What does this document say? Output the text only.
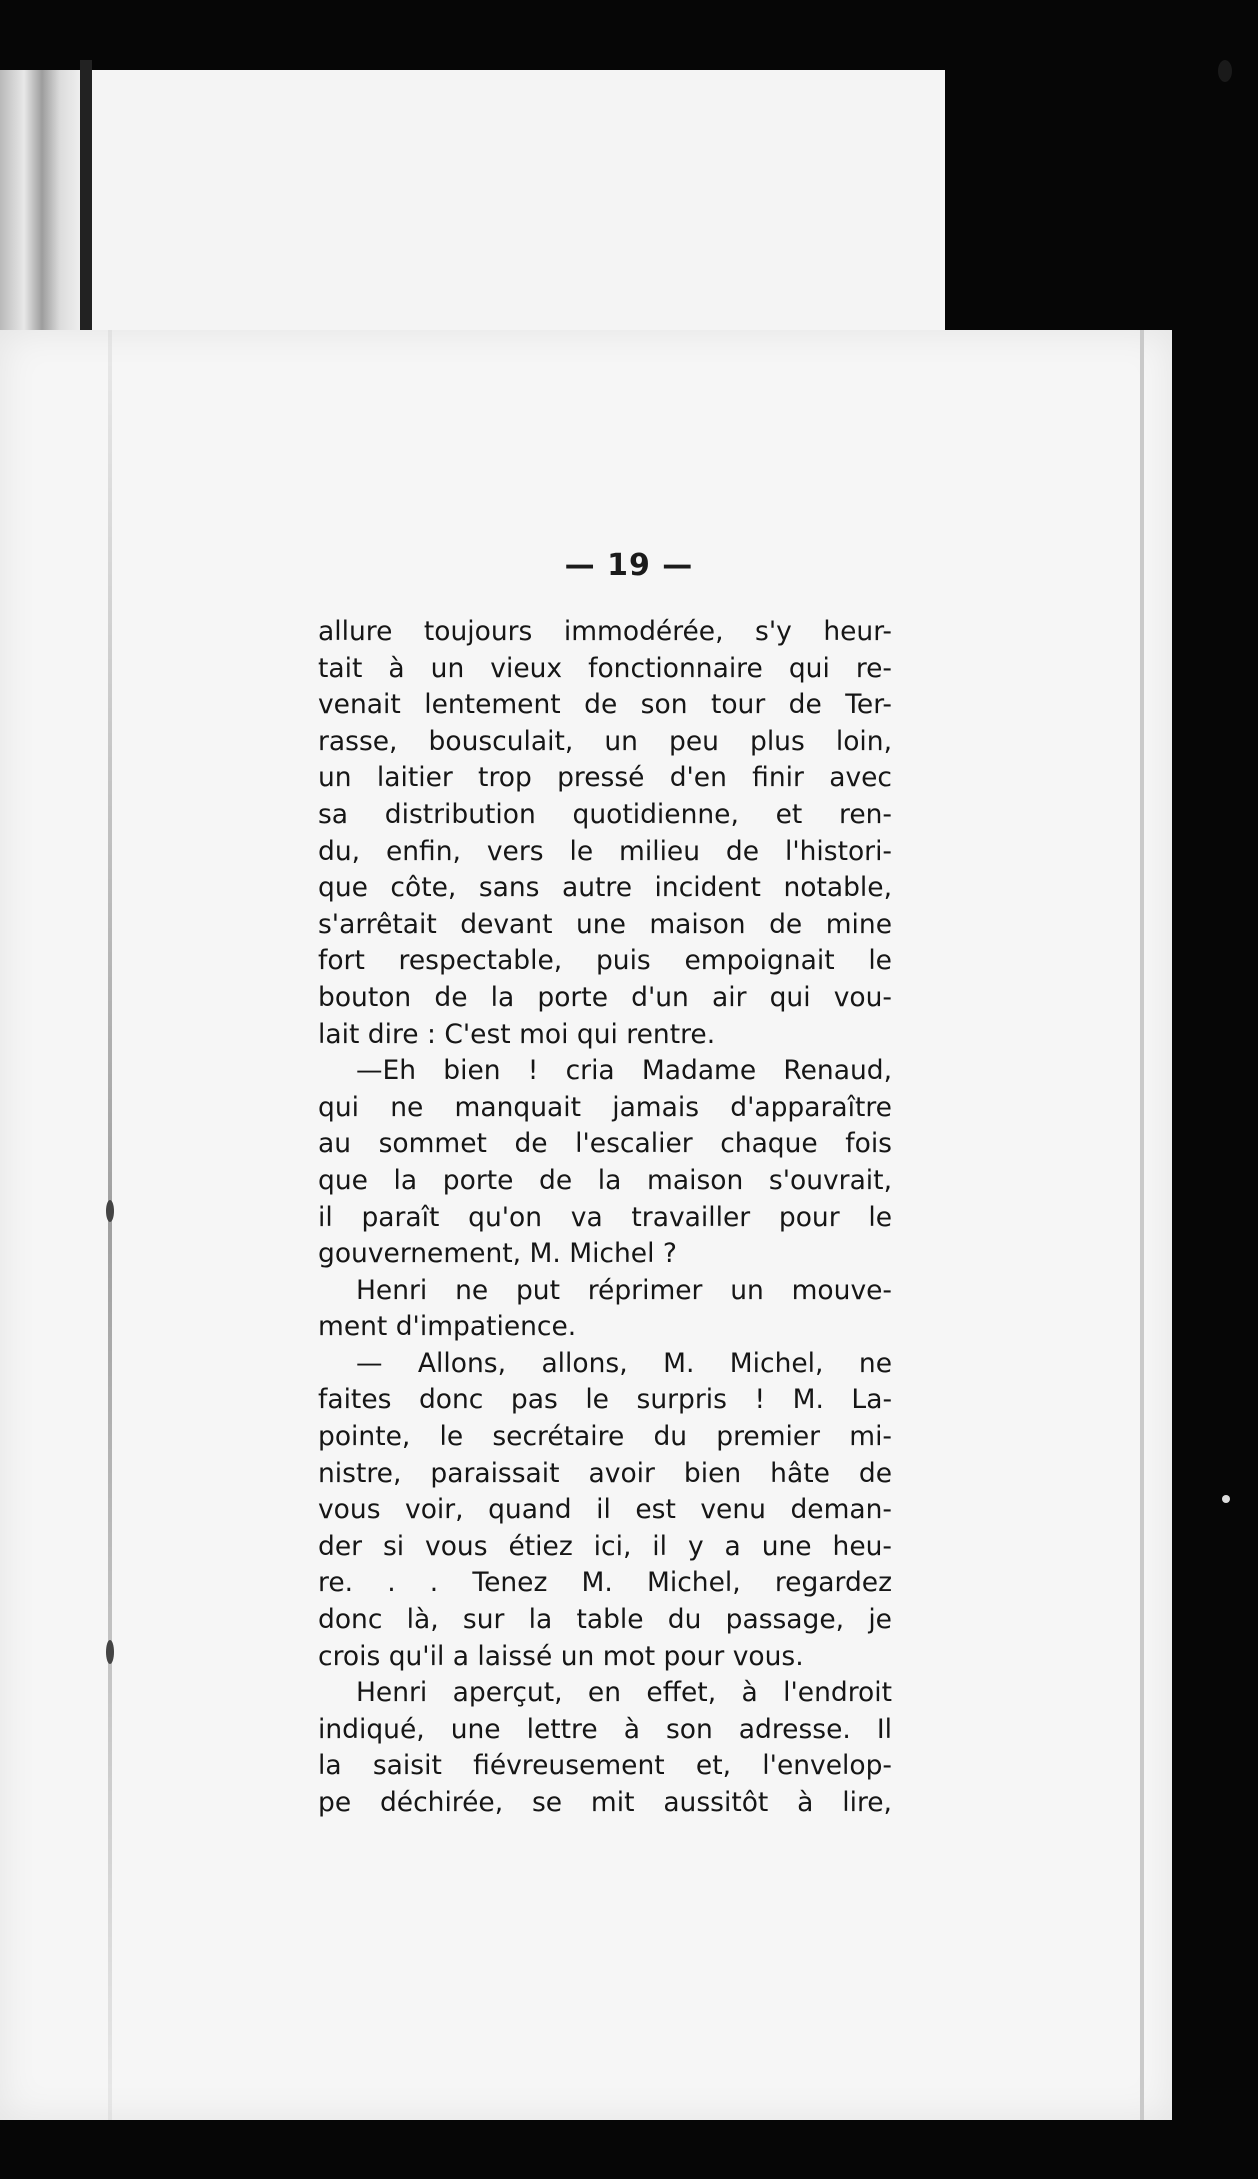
— 19 —
allure toujours immodérée, s'y heur-
tait à un vieux fonctionnaire qui re-
venait lentement de son tour de Ter-
rasse, bousculait, un peu plus loin,
un laitier trop pressé d'en finir avec
sa distribution quotidienne, et ren-
du, enfin, vers le milieu de l'histori-
que côte, sans autre incident notable,
s'arrêtait devant une maison de mine
fort respectable, puis empoignait le
bouton de la porte d'un air qui vou-
lait dire : C'est moi qui rentre.
—Eh bien ! cria Madame Renaud,
qui ne manquait jamais d'apparaître
au sommet de l'escalier chaque fois
que la porte de la maison s'ouvrait,
il paraît qu'on va travailler pour le
gouvernement, M. Michel ?
Henri ne put réprimer un mouve-
ment d'impatience.
— Allons, allons, M. Michel, ne
faites donc pas le surpris ! M. La-
pointe, le secrétaire du premier mi-
nistre, paraissait avoir bien hâte de
vous voir, quand il est venu deman-
der si vous étiez ici, il y a une heu-
re. . . Tenez M. Michel, regardez
donc là, sur la table du passage, je
crois qu'il a laissé un mot pour vous.
Henri aperçut, en effet, à l'endroit
indiqué, une lettre à son adresse. Il
la saisit fiévreusement et, l'envelop-
pe déchirée, se mit aussitôt à lire,
